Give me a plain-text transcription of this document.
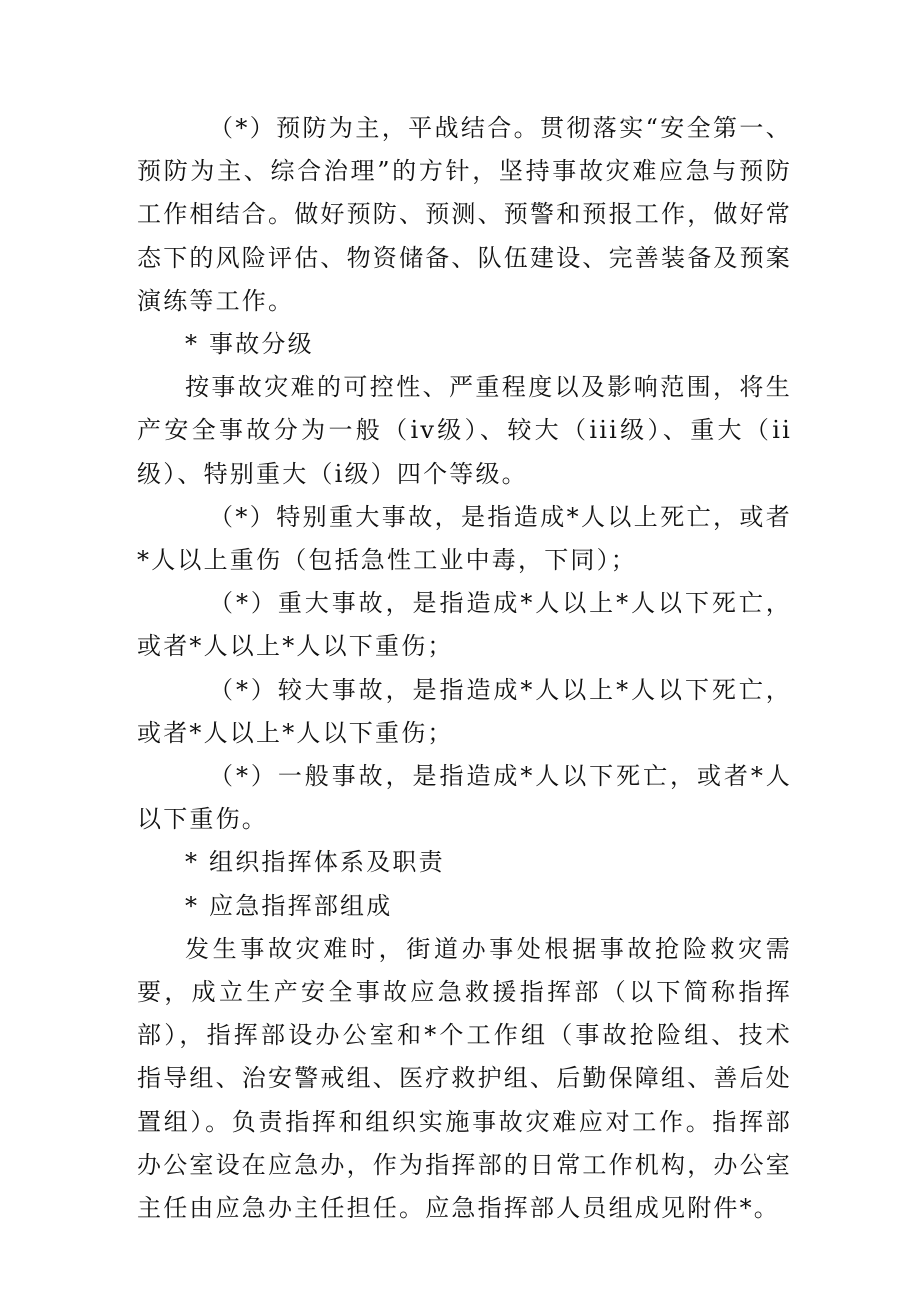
（*）预防为主，平战结合。贯彻落实“安全第一、预防为主、综合治理”的方针，坚持事故灾难应急与预防工作相结合。做好预防、预测、预警和预报工作，做好常态下的风险评估、物资储备、队伍建设、完善装备及预案演练等工作。

* 事故分级

按事故灾难的可控性、严重程度以及影响范围，将生产安全事故分为一般（iv级）、较大（iii级）、重大（ii级）、特别重大（i级）四个等级。

（*）特别重大事故，是指造成*人以上死亡，或者*人以上重伤（包括急性工业中毒，下同）；

（*）重大事故，是指造成*人以上*人以下死亡，或者*人以上*人以下重伤；

（*）较大事故，是指造成*人以上*人以下死亡，或者*人以上*人以下重伤；

（*）一般事故，是指造成*人以下死亡，或者*人以下重伤。

* 组织指挥体系及职责

* 应急指挥部组成

发生事故灾难时，街道办事处根据事故抢险救灾需要，成立生产安全事故应急救援指挥部（以下简称指挥部），指挥部设办公室和*个工作组（事故抢险组、技术指导组、治安警戒组、医疗救护组、后勤保障组、善后处置组）。负责指挥和组织实施事故灾难应对工作。指挥部办公室设在应急办，作为指挥部的日常工作机构，办公室主任由应急办主任担任。应急指挥部人员组成见附件*。
